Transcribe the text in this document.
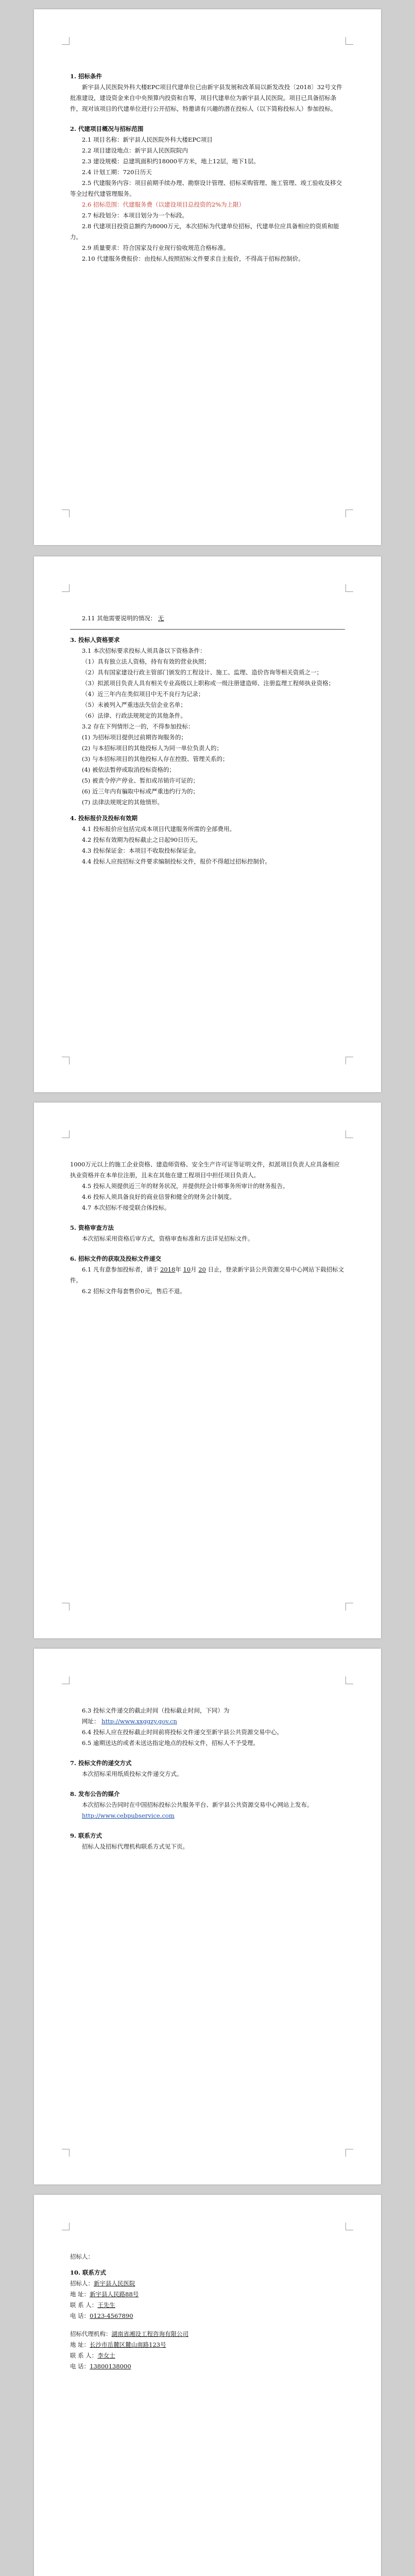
1. 招标条件
新宇县人民医院外科大楼EPC项目代建单位已由新宇县发展和改革局以新发改投〔2018〕32号文件批准建设，建设资金来自中央预算内投资和自筹，项目代建单位为新宇县人民医院。项目已具备招标条件，现对该项目的代建单位进行公开招标，特邀请有兴趣的潜在投标人（以下简称投标人）参加投标。
2. 代建项目概况与招标范围
2.1 项目名称：新宇县人民医院外科大楼EPC项目
2.2 项目建设地点：新宇县人民医院院内
2.3 建设规模：总建筑面积约18000平方米，地上12层，地下1层。
2.4 计划工期：720日历天
2.5 代建服务内容：项目前期手续办理、勘察设计管理、招标采购管理、施工管理、竣工验收及移交等全过程代建管理服务。
2.6 招标范围：代建服务费（以建设项目总投资的2%为上限）
2.7 标段划分：本项目划分为一个标段。
2.8 代建项目投资总额约为8000万元，本次招标为代建单位招标，代建单位应具备相应的资质和能力。
2.9 质量要求：符合国家及行业现行验收规范合格标准。
2.10 代建服务费报价：由投标人按照招标文件要求自主报价，不得高于招标控制价。
2.11 其他需要说明的情况： 无
3. 投标人资格要求
3.1 本次招标要求投标人须具备以下资格条件：
（1）具有独立法人资格，持有有效的营业执照；
（2）具有国家建设行政主管部门颁发的工程设计、施工、监理、造价咨询等相关资质之一；
（3）拟派项目负责人具有相关专业高级以上职称或一级注册建造师、注册监理工程师执业资格；
（4）近三年内在类似项目中无不良行为记录；
（5）未被列入严重违法失信企业名单；
（6）法律、行政法规规定的其他条件。
3.2 存在下列情形之一的，不得参加投标：
(1) 为招标项目提供过前期咨询服务的；
(2) 与本招标项目的其他投标人为同一单位负责人的；
(3) 与本招标项目的其他投标人存在控股、管理关系的；
(4) 被依法暂停或取消投标资格的；
(5) 被责令停产停业、暂扣或吊销许可证的；
(6) 近三年内有骗取中标或严重违约行为的；
(7) 法律法规规定的其他情形。
4. 投标报价及投标有效期
4.1 投标报价应包括完成本项目代建服务所需的全部费用。
4.2 投标有效期为投标截止之日起90日历天。
4.3 投标保证金：本项目不收取投标保证金。
4.4 投标人应按招标文件要求编制投标文件，报价不得超过招标控制价。
1000万元以上的施工企业资格、建造师资格、安全生产许可证等证明文件，拟派项目负责人应具备相应执业资格并在本单位注册，且未在其他在建工程项目中担任项目负责人。
4.5 投标人须提供近三年的财务状况，并提供经会计师事务所审计的财务报告。
4.6 投标人须具备良好的商业信誉和健全的财务会计制度。
4.7 本次招标不接受联合体投标。
5. 资格审查方法
本次招标采用资格后审方式，资格审查标准和方法详见招标文件。
6. 招标文件的获取及投标文件递交
6.1 凡有意参加投标者，请于 2018年 10月 20 日止，登录新宇县公共资源交易中心网站下载招标文件。
6.2 招标文件每套售价0元，售后不退。
6.3 投标文件递交的截止时间（投标截止时间，下同）为
网址： http://www.xxggzy.gov.cn
6.4 投标人应在投标截止时间前将投标文件递交至新宇县公共资源交易中心。
6.5 逾期送达的或者未送达指定地点的投标文件，招标人不予受理。
7. 投标文件的递交方式
本次招标采用纸质投标文件递交方式。
8. 发布公告的媒介
本次招标公告同时在中国招标投标公共服务平台、新宇县公共资源交易中心网站上发布。
http://www.cebpubservice.com
9. 联系方式
招标人及招标代理机构联系方式见下页。
招标人：
10. 联系方式
招标人：新宇县人民医院
地 址：新宇县人民路88号
联 系 人：王先生
电 话：0123-4567890
招标代理机构：湖南省湘设工程咨询有限公司
地 址：长沙市岳麓区麓山南路123号
联 系 人：李女士
电 话：13800138000
